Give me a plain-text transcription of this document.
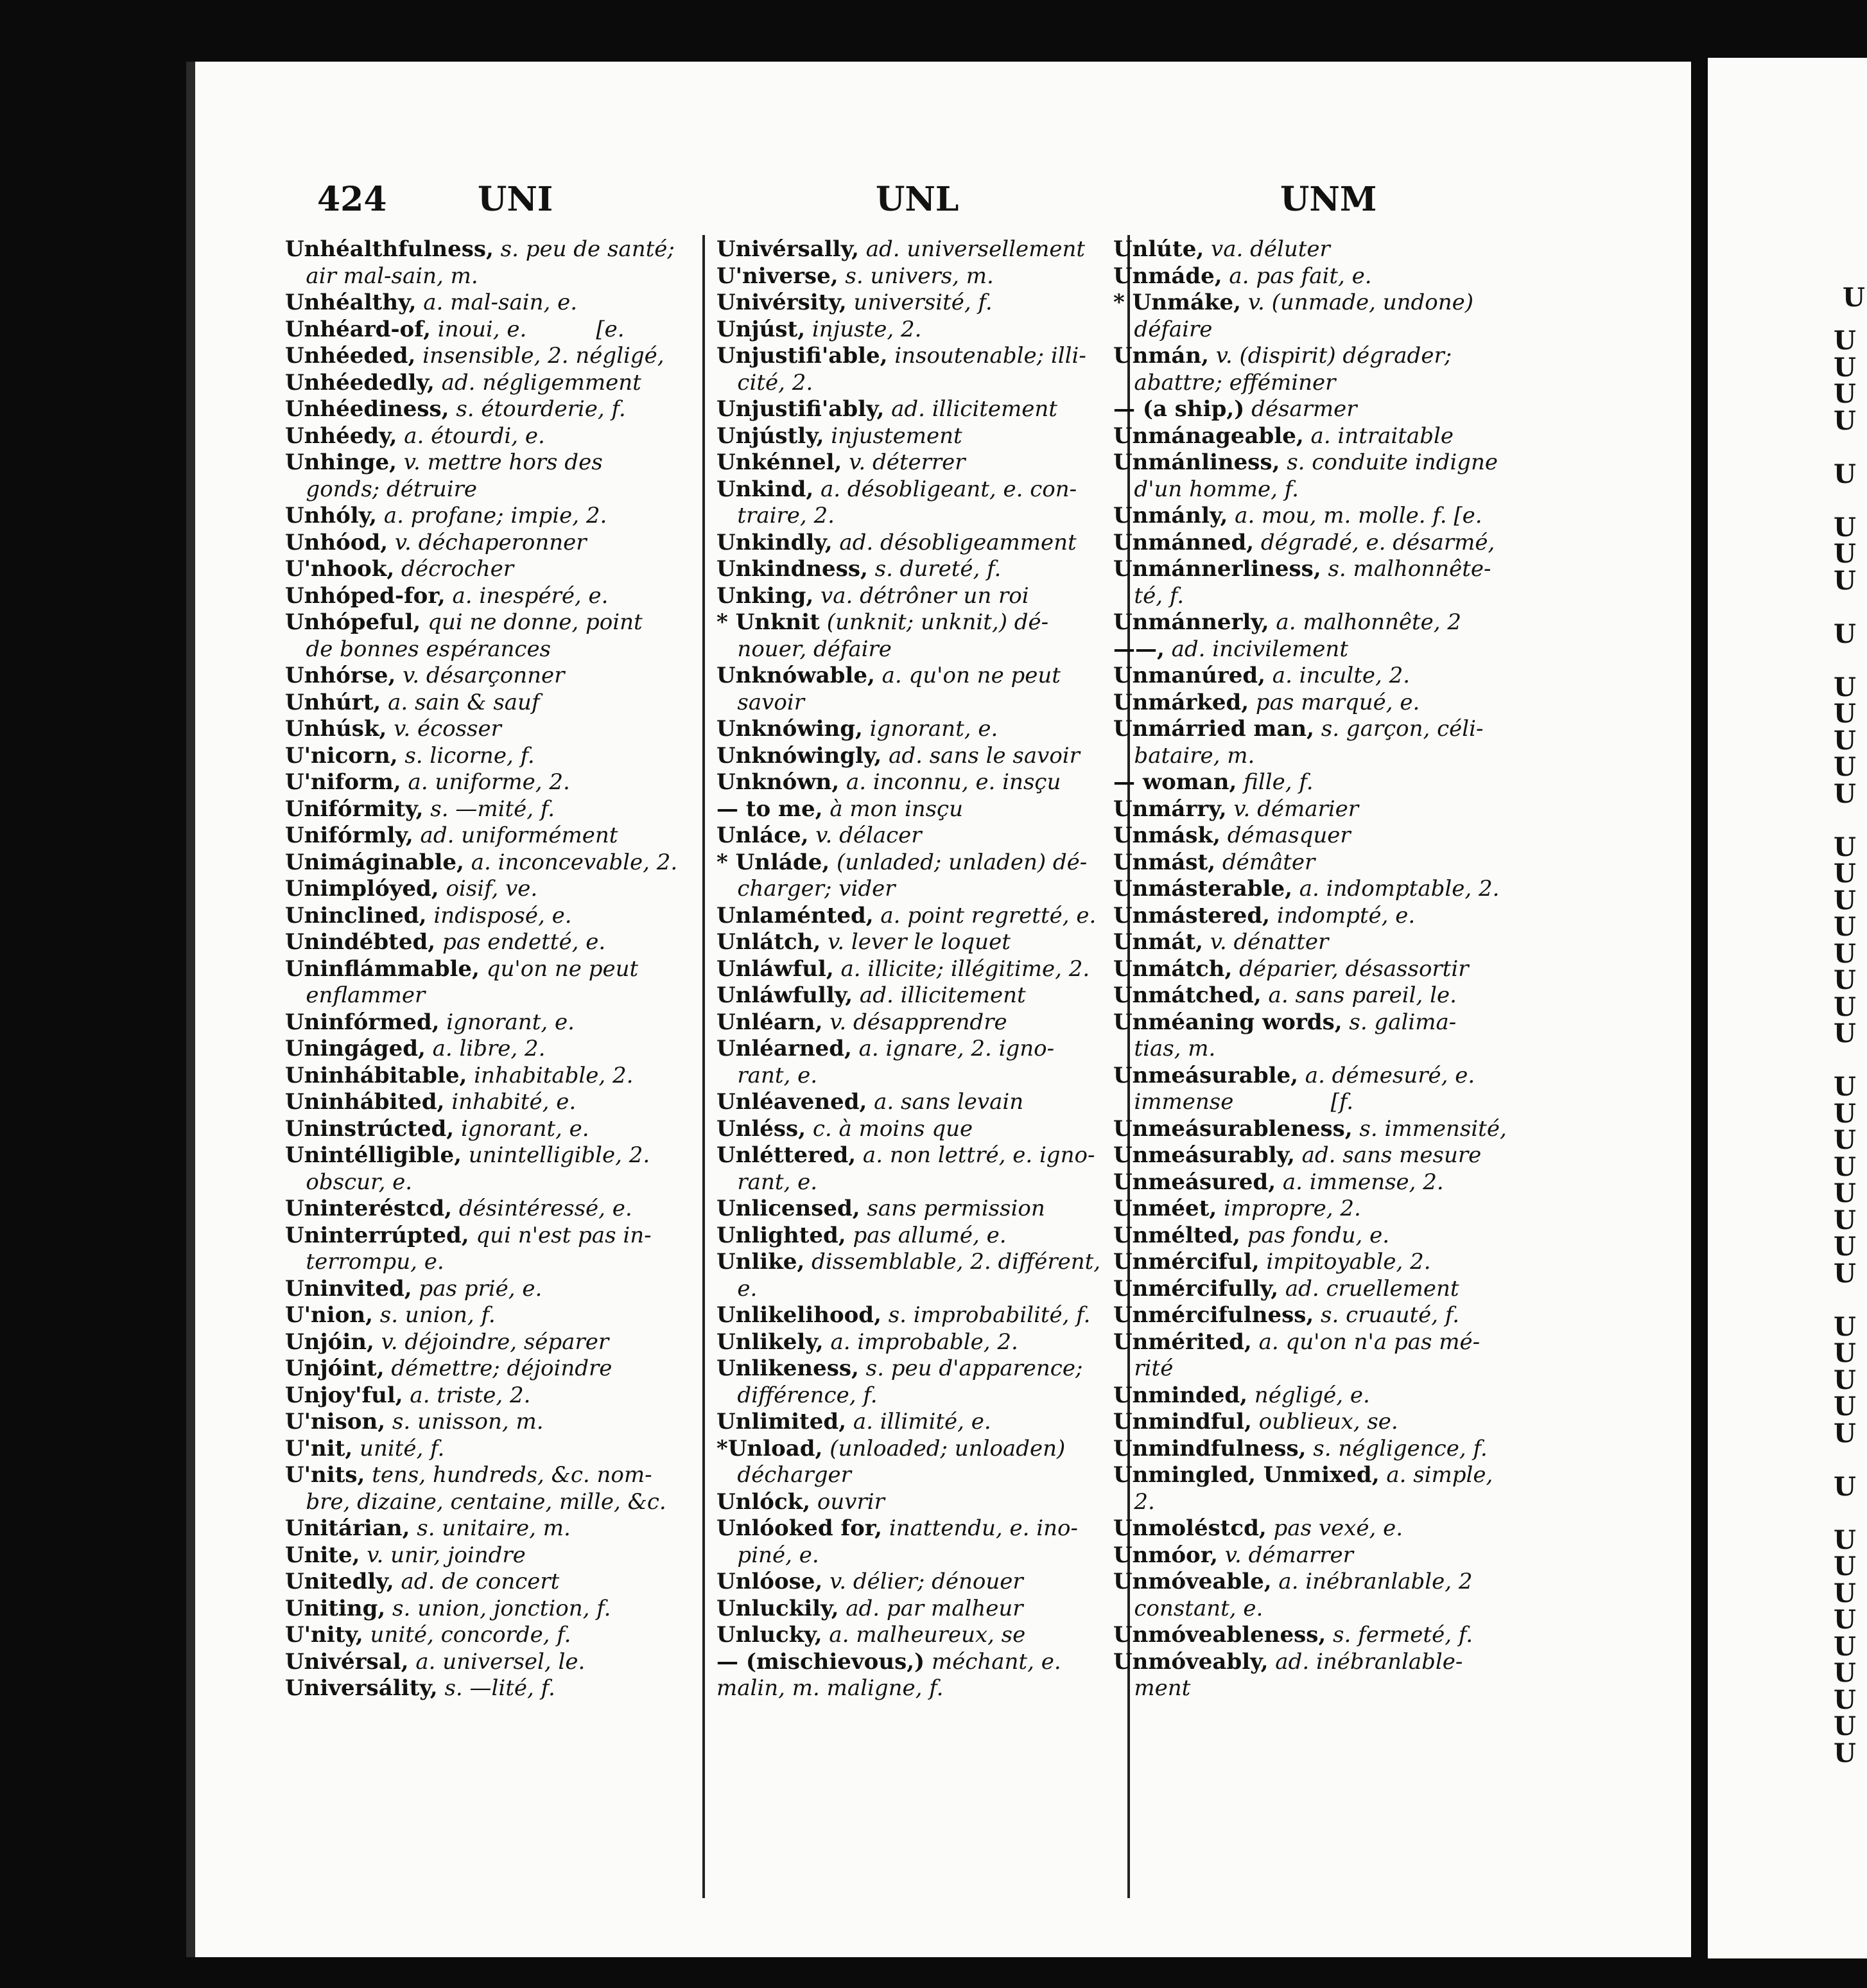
424	UNI	UNL	UNM
Unhéalthfulness, s. peu de santé;
air mal-sain, m.
Unhéalthy, a. mal-sain, e.
Unhéard-of, inoui, e.          [e.
Unhéeded, insensible, 2. négligé,
Unhéededly, ad. négligemment
Unhéediness, s. étourderie, f.
Unhéedy, a. étourdi, e.
Unhinge, v. mettre hors des
gonds; détruire
Unhóly, a. profane; impie, 2.
Unhóod, v. déchaperonner
U'nhook, décrocher
Unhóped-for, a. inespéré, e.
Unhópeful, qui ne donne, point
de bonnes espérances
Unhórse, v. désarçonner
Unhúrt, a. sain & sauf
Unhúsk, v. écosser
U'nicorn, s. licorne, f.
U'niform, a. uniforme, 2.
Unifórmity, s. —mité, f.
Unifórmly, ad. uniformément
Unimáginable, a. inconcevable, 2.
Unimplóyed, oisif, ve.
Uninclined, indisposé, e.
Unindébted, pas endetté, e.
Uninflámmable, qu'on ne peut
enflammer
Uninfórmed, ignorant, e.
Uningáged, a. libre, 2.
Uninhábitable, inhabitable, 2.
Uninhábited, inhabité, e.
Uninstrúcted, ignorant, e.
Unintélligible, unintelligible, 2.
obscur, e.
Uninteréstcd, désintéressé, e.
Uninterrúpted, qui n'est pas in-
terrompu, e.
Uninvited, pas prié, e.
U'nion, s. union, f.
Unjóin, v. déjoindre, séparer
Unjóint, démettre; déjoindre
Unjoy'ful, a. triste, 2.
U'nison, s. unisson, m.
U'nit, unité, f.
U'nits, tens, hundreds, &c. nom-
bre, dizaine, centaine, mille, &c.
Unitárian, s. unitaire, m.
Unite, v. unir, joindre
Unitedly, ad. de concert
Uniting, s. union, jonction, f.
U'nity, unité, concorde, f.
Univérsal, a. universel, le.
Universálity, s. —lité, f.
Univérsally, ad. universellement
U'niverse, s. univers, m.
Univérsity, université, f.
Unjúst, injuste, 2.
Unjustifi'able, insoutenable; illi-
cité, 2.
Unjustifi'ably, ad. illicitement
Unjústly, injustement
Unkénnel, v. déterrer
Unkind, a. désobligeant, e. con-
traire, 2.
Unkindly, ad. désobligeamment
Unkindness, s. dureté, f.
Unking, va. détrôner un roi
* Unknit (unknit; unknit,) dé-
nouer, défaire
Unknówable, a. qu'on ne peut
savoir
Unknówing, ignorant, e.
Unknówingly, ad. sans le savoir
Unknówn, a. inconnu, e. insçu
— to me, à mon insçu
Unláce, v. délacer
* Unláde, (unladed; unladen) dé-
charger; vider
Unlaménted, a. point regretté, e.
Unlátch, v. lever le loquet
Unláwful, a. illicite; illégitime, 2.
Unláwfully, ad. illicitement
Unléarn, v. désapprendre
Unléarned, a. ignare, 2. igno-
rant, e.
Unléavened, a. sans levain
Unléss, c. à moins que
Unléttered, a. non lettré, e. igno-
rant, e.
Unlicensed, sans permission
Unlighted, pas allumé, e.
Unlike, dissemblable, 2. différent,
e.
Unlikelihood, s. improbabilité, f.
Unlikely, a. improbable, 2.
Unlikeness, s. peu d'apparence;
différence, f.
Unlimited, a. illimité, e.
*Unload, (unloaded; unloaden)
décharger
Unlóck, ouvrir
Unlóoked for, inattendu, e. ino-
piné, e.
Unlóose, v. délier; dénouer
Unluckily, ad. par malheur
Unlucky, a. malheureux, se
— (mischievous,) méchant, e.
malin, m. maligne, f.
Unlúte, va. déluter
Unmáde, a. pas fait, e.
* Unmáke, v. (unmade, undone)
défaire
Unmán, v. (dispirit) dégrader;
abattre; efféminer
— (a ship,) désarmer
Unmánageable, a. intraitable
Unmánliness, s. conduite indigne
d'un homme, f.
Unmánly, a. mou, m. molle. f. [e.
Unmánned, dégradé, e. désarmé,
Unmánnerliness, s. malhonnête-
té, f.
Unmánnerly, a. malhonnête, 2
——, ad. incivilement
Unmanúred, a. inculte, 2.
Unmárked, pas marqué, e.
Unmárried man, s. garçon, céli-
bataire, m.
— woman, fille, f.
Unmárry, v. démarier
Unmásk, démasquer
Unmást, démâter
Unmásterable, a. indomptable, 2.
Unmástered, indompté, e.
Unmát, v. dénatter
Unmátch, déparier, désassortir
Unmátched, a. sans pareil, le.
Unméaning words, s. galima-
tias, m.
Unmeásurable, a. démesuré, e.
immense              [f.
Unmeásurableness, s. immensité,
Unmeásurably, ad. sans mesure
Unmeásured, a. immense, 2.
Unméet, impropre, 2.
Unmélted, pas fondu, e.
Unmérciful, impitoyable, 2.
Unmércifully, ad. cruellement
Unmércifulness, s. cruauté, f.
Unmérited, a. qu'on n'a pas mé-
rité
Unminded, négligé, e.
Unmindful, oublieux, se.
Unmindfulness, s. négligence, f.
Unmingled, Unmixed, a. simple,
2.
Unmoléstcd, pas vexé, e.
Unmóor, v. démarrer
Unmóveable, a. inébranlable, 2
constant, e.
Unmóveableness, s. fermeté, f.
Unmóveably, ad. inébranlable-
ment
U
U
U
U
U
U
U
U
U
U
U
U
U
U
U
U
U
U
U
U
U
U
U
U
U
U
U
U
U
U
U
U
U
U
U
U
U
U
U
U
U
U
U
U
U
U
